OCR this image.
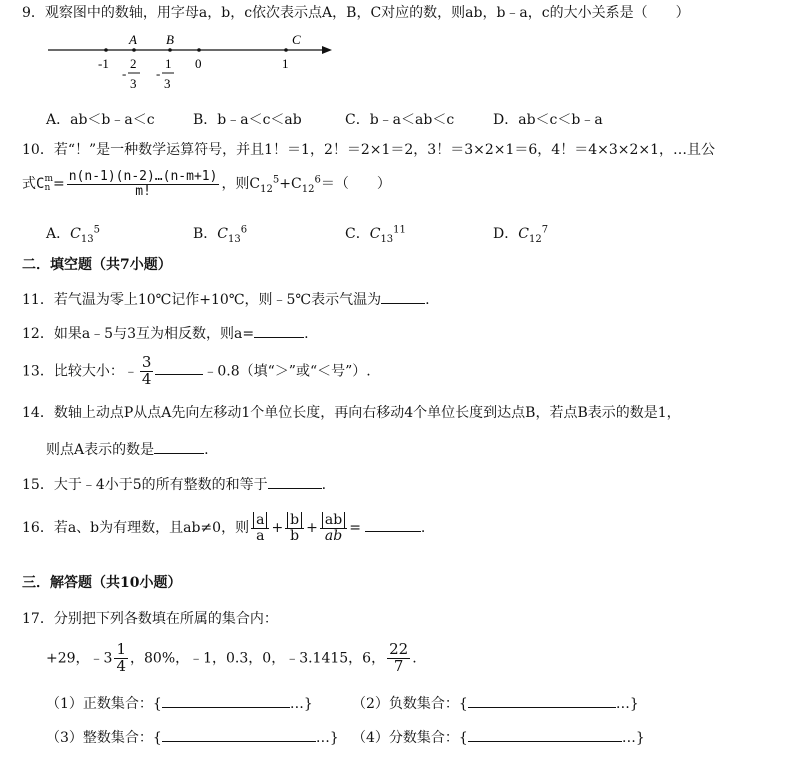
9．观察图中的数轴，用字母a，b，c依次表示点A，B，C对应的数，则ab，b﹣a，c的大小关系是（　　）
A B	C
-1	0	1
-
2
3
-
1
3
A．ab＜b﹣a＜c	B．b﹣a＜c＜ab	C．b﹣a＜ab＜c	D．ab＜c＜b﹣a
10．若“！”是一种数学运算符号，并且1！＝1，2！＝2×1＝2，3！＝3×2×1＝6，4！＝4×3×2×1，…且公
式C m
$n = \frac{n(n-1)(n-2)\dots(n-m+1)}{m!}$ ，则$C_{12}^5+C_{12}^6=$（　　）
A．$C_{13}^5$	B．$C_{13}^6$	C．$C_{13}^{11}$	D．$C_{12}^7$
二．填空题（共7小题）
11．若气温为零上10℃记作+10℃，则﹣5℃表示气温为	.
12．如果a﹣5与3互为相反数，则a=	.
13．比较大小：﹣ $\frac{3}{4}$	﹣0.8（填“＞”或“＜号”）.
14．数轴上动点P从点A先向左移动1个单位长度，再向右移动4个单位长度到达点B，若点B表示的数是1，
则点A表示的数是	.
15．大于﹣4小于5的所有整数的和等于	.
16．若a、b为有理数，且ab≠0，则 $\frac{a}{a} + \frac{b}{b} + \frac{ab}{ab}$ =	.
三．解答题（共10小题）
17．分别把下列各数填在所属的集合内：
+29，﹣3 $\frac{1}{4}$ ，80%，﹣1，0.3，0，﹣3.1415，6， $\frac{22}{7}$ .
（1）正数集合：{	…}	（2）负数集合：{	…}
（3）整数集合：{	…} （4）分数集合：{	…}
